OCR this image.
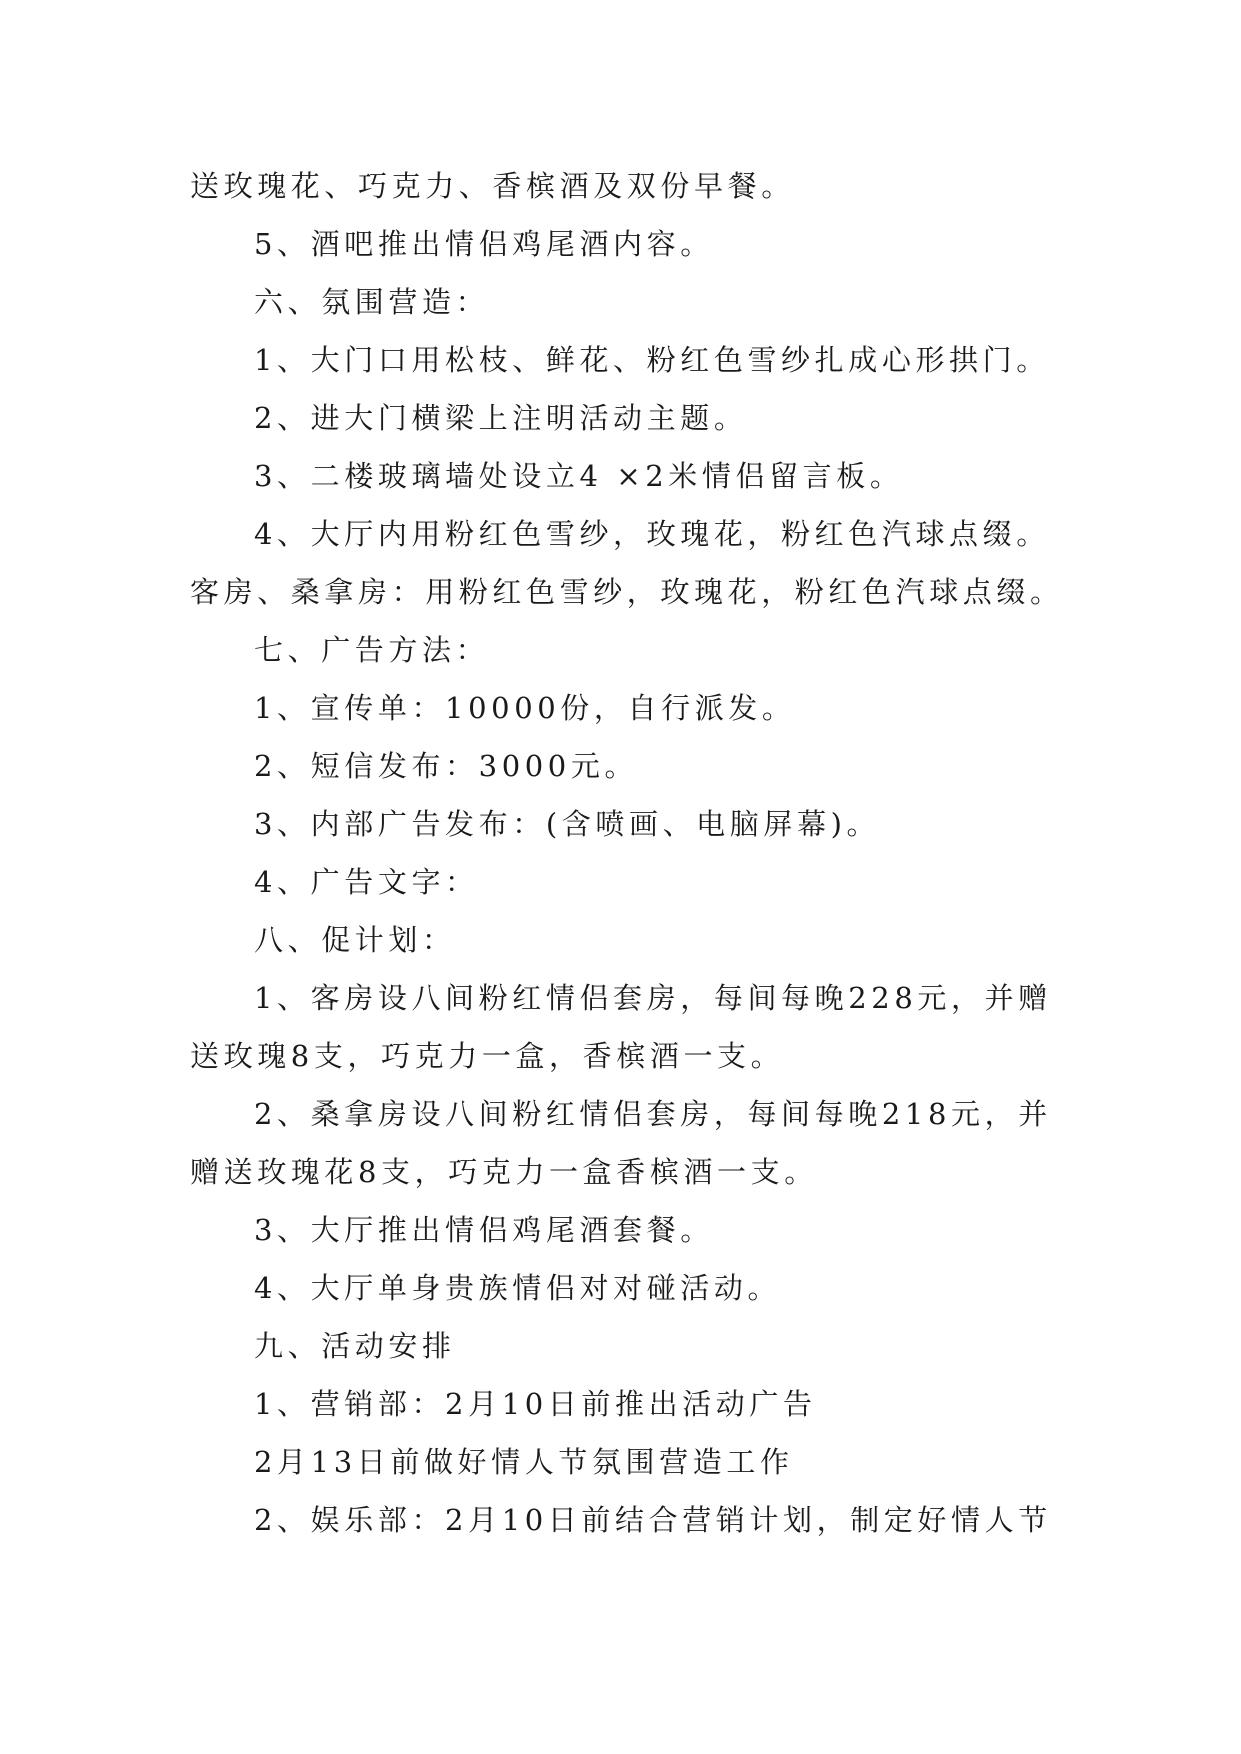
送玫瑰花、巧克力、香槟酒及双份早餐。
5、酒吧推出情侣鸡尾酒内容。
六、氛围营造：
1、大门口用松枝、鲜花、粉红色雪纱扎成心形拱门。
2、进大门横梁上注明活动主题。
3、二楼玻璃墙处设立4 ×2米情侣留言板。
4、大厅内用粉红色雪纱，玫瑰花，粉红色汽球点缀。
客房、桑拿房：用粉红色雪纱，玫瑰花，粉红色汽球点缀。
七、广告方法：
1、宣传单：10000份，自行派发。
2、短信发布：3000元。
3、内部广告发布：(含喷画、电脑屏幕)。
4、广告文字：
八、促计划：
1、客房设八间粉红情侣套房，每间每晚228元，并赠
送玫瑰8支，巧克力一盒，香槟酒一支。
2、桑拿房设八间粉红情侣套房，每间每晚218元，并
赠送玫瑰花8支，巧克力一盒香槟酒一支。
3、大厅推出情侣鸡尾酒套餐。
4、大厅单身贵族情侣对对碰活动。
九、活动安排
1、营销部：2月10日前推出活动广告
2月13日前做好情人节氛围营造工作
2、娱乐部：2月10日前结合营销计划，制定好情人节
